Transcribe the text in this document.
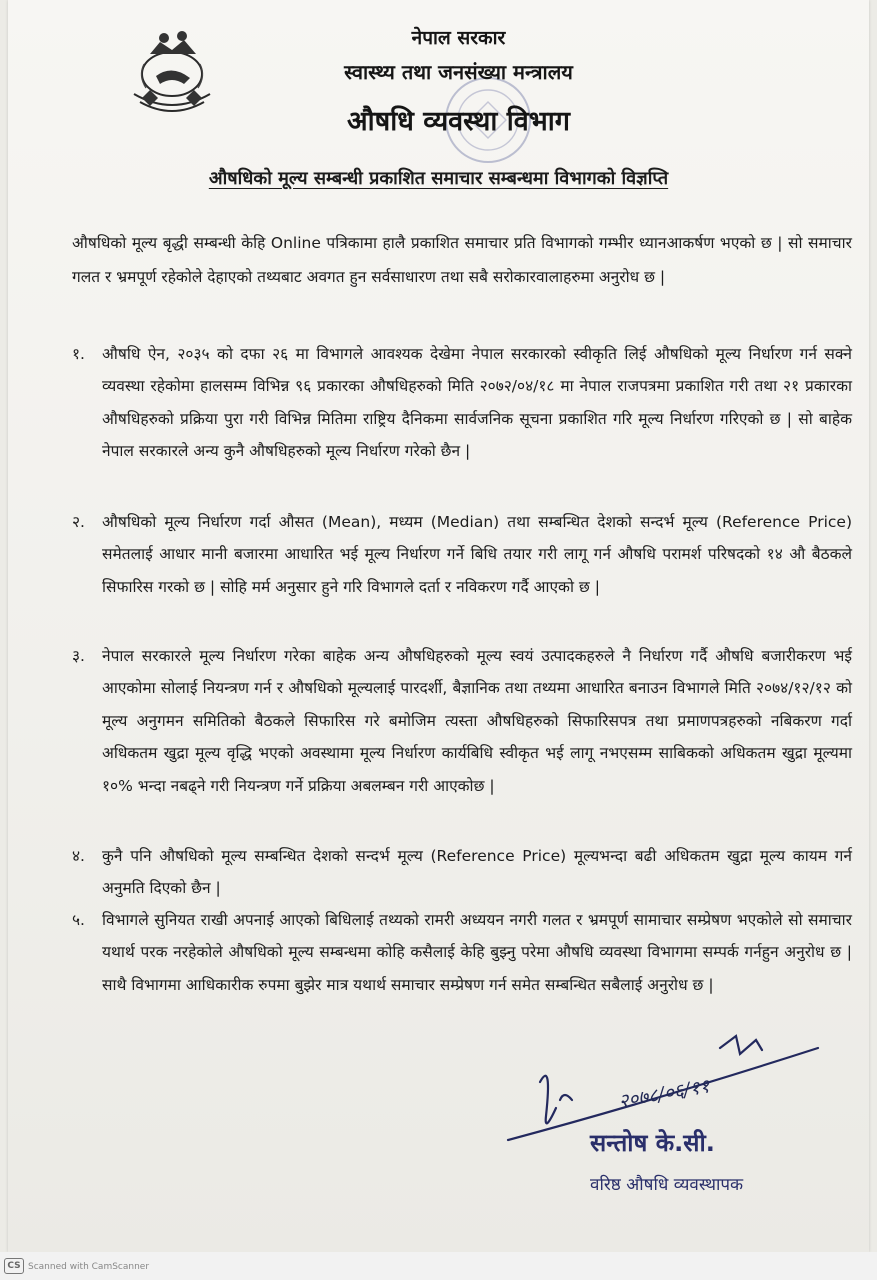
नेपाल सरकार
स्वास्थ्य तथा जनसंख्या मन्त्रालय
औषधि व्यवस्था विभाग
औषधिको मूल्य सम्बन्धी प्रकाशित समाचार सम्बन्धमा विभागको विज्ञप्ति
औषधिको मूल्य बृद्धी सम्बन्धी केहि Online पत्रिकामा हालै प्रकाशित समाचार प्रति विभागको गम्भीर ध्यानआकर्षण भएको छ | सो समाचार गलत र भ्रमपूर्ण रहेकोले देहाएको तथ्यबाट अवगत हुन सर्वसाधारण तथा सबै सरोकारवालाहरुमा अनुरोध छ |
१.	औषधि ऐन, २०३५ को दफा २६ मा विभागले आवश्यक देखेमा नेपाल सरकारको स्वीकृति लिई औषधिको मूल्य निर्धारण गर्न सक्ने व्यवस्था रहेकोमा हालसम्म विभिन्न ९६ प्रकारका औषधिहरुको मिति २०७२/०४/१८ मा नेपाल राजपत्रमा प्रकाशित गरी तथा २१ प्रकारका औषधिहरुको प्रक्रिया पुरा गरी विभिन्न मितिमा राष्ट्रिय दैनिकमा सार्वजनिक सूचना प्रकाशित गरि मूल्य निर्धारण गरिएको छ | सो बाहेक नेपाल सरकारले अन्य कुनै औषधिहरुको मूल्य निर्धारण गरेको छैन |
२.	औषधिको मूल्य निर्धारण गर्दा औसत (Mean), मध्यम (Median) तथा सम्बन्धित देशको सन्दर्भ मूल्य (Reference Price) समेतलाई आधार मानी बजारमा आधारित भई मूल्य निर्धारण गर्ने बिधि तयार गरी लागू गर्न औषधि परामर्श परिषदको १४ औ बैठकले सिफारिस गरको छ | सोहि मर्म अनुसार हुने गरि विभागले दर्ता र नविकरण गर्दै आएको छ |
३.	नेपाल सरकारले मूल्य निर्धारण गरेका बाहेक अन्य औषधिहरुको मूल्य स्वयं उत्पादकहरुले नै निर्धारण गर्दै औषधि बजारीकरण भई आएकोमा सोलाई नियन्त्रण गर्न र औषधिको मूल्यलाई पारदर्शी, बैज्ञानिक तथा तथ्यमा आधारित बनाउन विभागले मिति २०७४/१२/१२ को मूल्य अनुगमन समितिको बैठकले सिफारिस गरे बमोजिम त्यस्ता औषधिहरुको सिफारिसपत्र तथा प्रमाणपत्रहरुको नबिकरण गर्दा अधिकतम खुद्रा मूल्य वृद्धि भएको अवस्थामा मूल्य निर्धारण कार्यबिधि स्वीकृत भई लागू नभएसम्म साबिकको अधिकतम खुद्रा मूल्यमा १०% भन्दा नबढ्ने गरी नियन्त्रण गर्ने प्रक्रिया अबलम्बन गरी आएकोछ |
४.	कुनै पनि औषधिको मूल्य सम्बन्धित देशको सन्दर्भ मूल्य (Reference Price) मूल्यभन्दा बढी अधिकतम खुद्रा मूल्य कायम गर्न अनुमति दिएको छैन |
५.	विभागले सुनियत राखी अपनाई आएको बिधिलाई तथ्यको रामरी अध्ययन नगरी गलत र भ्रमपूर्ण सामाचार सम्प्रेषण भएकोले सो समाचार यथार्थ परक नरहेकोले औषधिको मूल्य सम्बन्धमा कोहि कसैलाई केहि बुझ्नु परेमा औषधि व्यवस्था विभागमा सम्पर्क गर्नहुन अनुरोध छ | साथै विभागमा आधिकारीक रुपमा बुझेर मात्र यथार्थ समाचार सम्प्रेषण गर्न समेत सम्बन्धित सबैलाई अनुरोध छ |
२०७८/०६/११
सन्तोष के.सी.
वरिष्ठ औषधि व्यवस्थापक
CS Scanned with CamScanner
